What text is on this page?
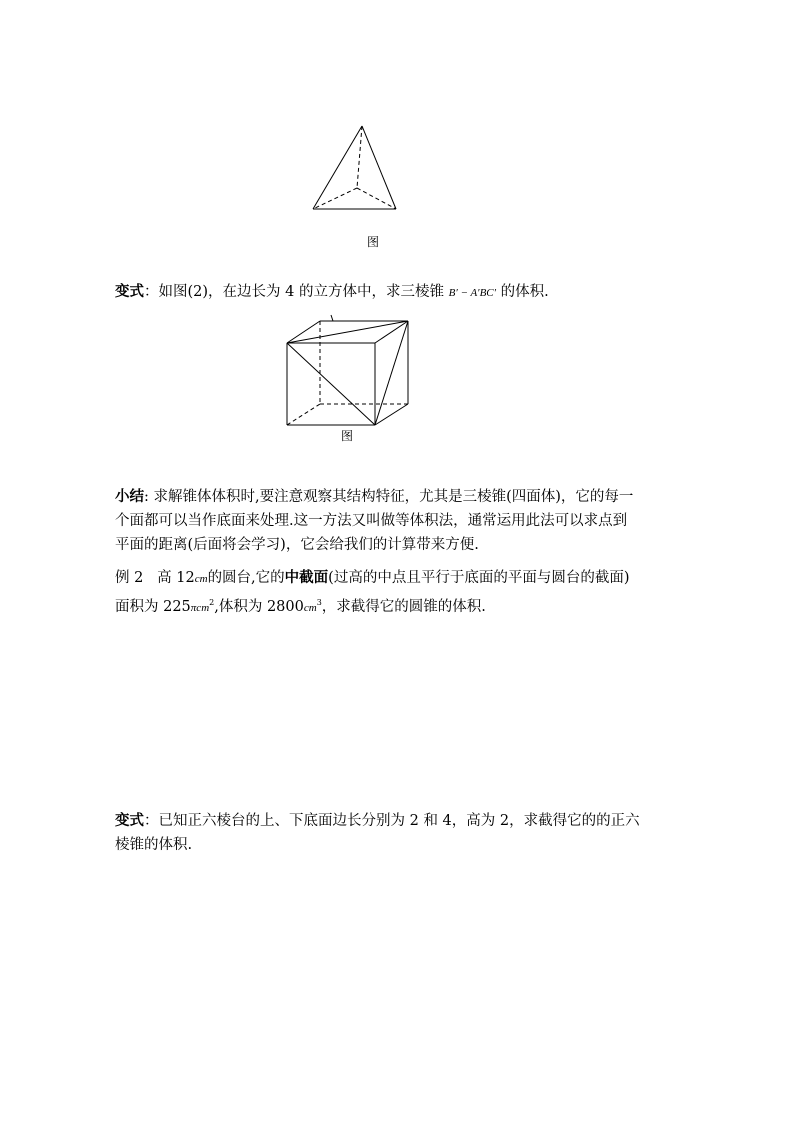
图
变式：如图(2)，在边长为 4 的立方体中，求三棱锥 B′ − A′BC′ 的体积.
图
小结: 求解锥体体积时,要注意观察其结构特征，尤其是三棱锥(四面体)，它的每一
个面都可以当作底面来处理.这一方法又叫做等体积法，通常运用此法可以求点到
平面的距离(后面将会学习)，它会给我们的计算带来方便.
例 2 高 12cm的圆台,它的中截面(过高的中点且平行于底面的平面与圆台的截面)
面积为 225πcm$^2$,体积为 $2800cm^3$，求截得它的圆锥的体积.
变式：已知正六棱台的上、下底面边长分别为 2 和 4，高为 2，求截得它的的正六
棱锥的体积.
